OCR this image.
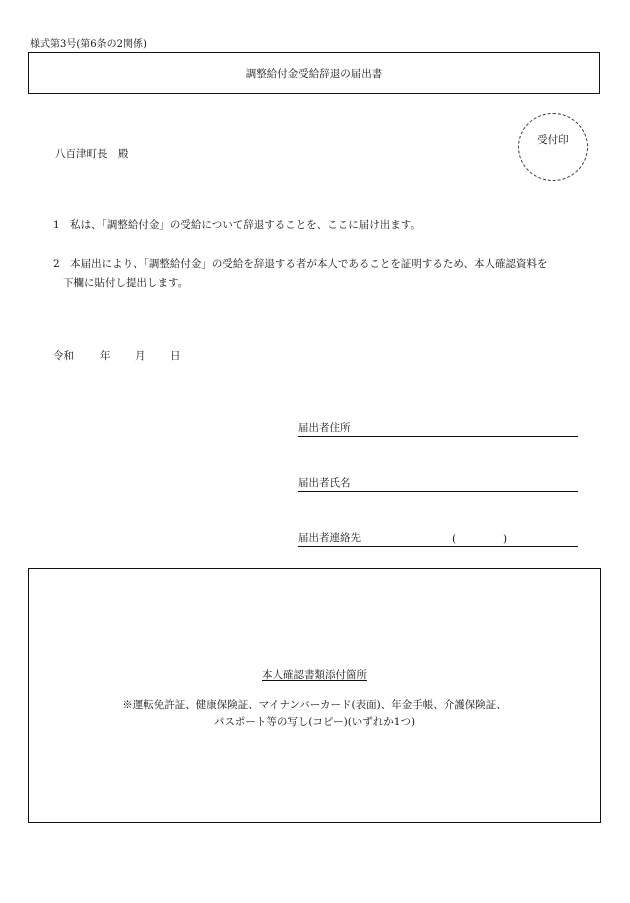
様式第3号(第6条の2関係)
調整給付金受給辞退の届出書
受付印
八百津町長　殿
1　私は、「調整給付金」の受給について辞退することを、ここに届け出ます。
2　本届出により、「調整給付金」の受給を辞退する者が本人であることを証明するため、本人確認資料を
下欄に貼付し提出します。
令和 年 月 日
届出者住所
届出者氏名
届出者連絡先	(	)
本人確認書類添付箇所
※運転免許証、健康保険証、マイナンバーカード(表面)、年金手帳、介護保険証、
パスポート等の写し(コピー)(いずれか1つ)
